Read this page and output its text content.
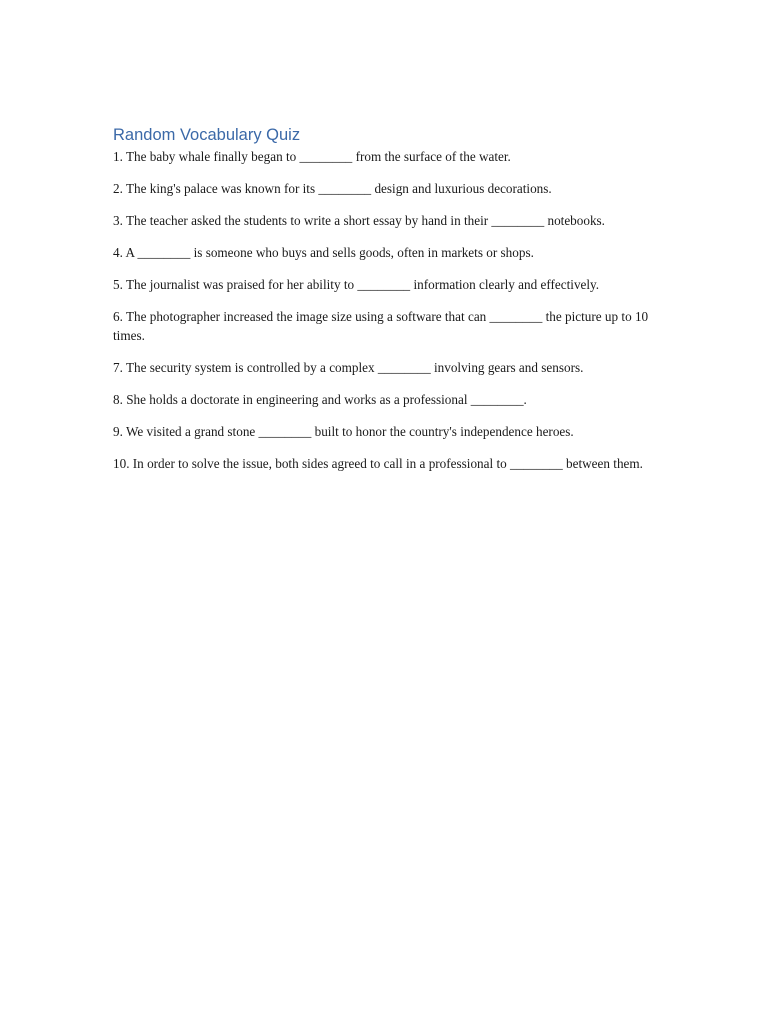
Random Vocabulary Quiz

1. The baby whale finally began to ________ from the surface of the water.

2. The king's palace was known for its ________ design and luxurious decorations.

3. The teacher asked the students to write a short essay by hand in their ________ notebooks.

4. A ________ is someone who buys and sells goods, often in markets or shops.

5. The journalist was praised for her ability to ________ information clearly and effectively.

6. The photographer increased the image size using a software that can ________ the picture up to 10 times.

7. The security system is controlled by a complex ________ involving gears and sensors.

8. She holds a doctorate in engineering and works as a professional ________.

9. We visited a grand stone ________ built to honor the country's independence heroes.

10. In order to solve the issue, both sides agreed to call in a professional to ________ between them.
